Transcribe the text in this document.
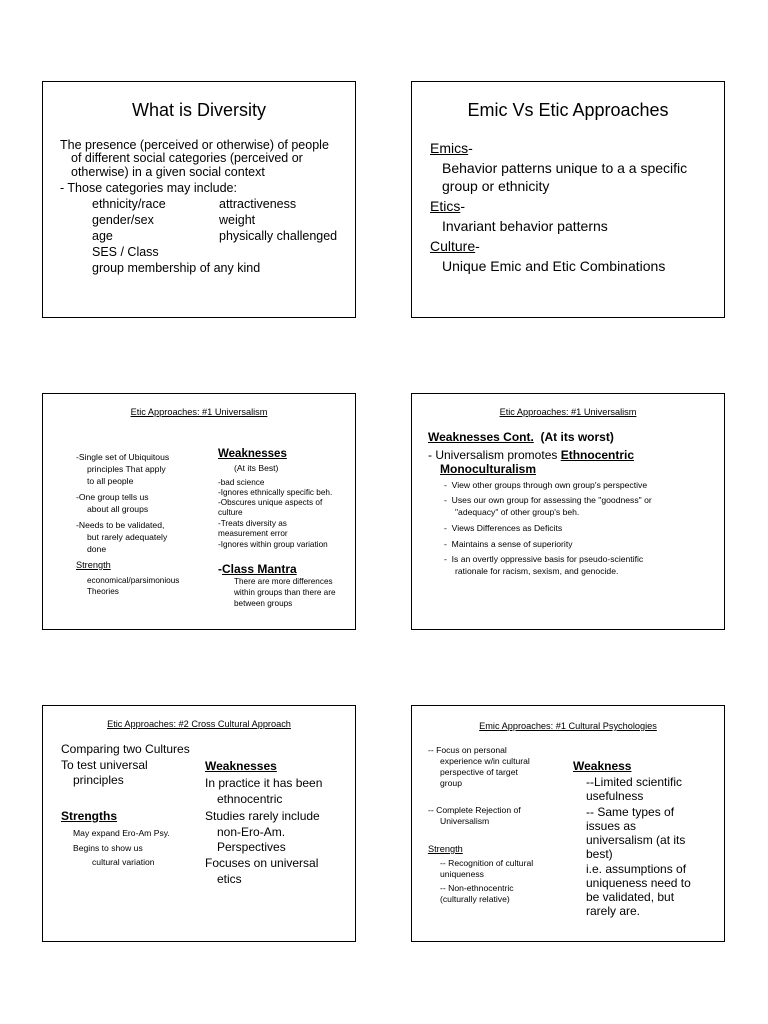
What is Diversity
The presence (perceived or otherwise) of people
of different social categories (perceived or
otherwise) in a given social context
- Those categories may include:
ethnicity/race
gender/sex
age
SES / Class
group membership of any kind
attractiveness
weight
physically challenged
Emic Vs Etic Approaches
Emics-
Behavior patterns unique to a a specific
group or ethnicity
Etics-
Invariant behavior patterns
Culture-
Unique Emic and Etic Combinations
Etic Approaches: #1 Universalism
-Single set of Ubiquitous
principles That apply
to all people
-One group tells us
about all groups
-Needs to be validated,
but rarely adequately
done
Strength
economical/parsimonious
Theories
Weaknesses
(At its Best)
-bad science
-Ignores ethnically specific beh.
-Obscures unique aspects of
culture
-Treats diversity as
measurement error
-Ignores within group variation
-Class Mantra
There are more differences
within groups than there are
between groups
Etic Approaches: #1 Universalism
Weaknesses Cont. (At its worst)
- Universalism promotes Ethnocentric
Monoculturalism
- View other groups through own group's perspective
- Uses our own group for assessing the "goodness" or
"adequacy" of other group's beh.
- Views Differences as Deficits
- Maintains a sense of superiority
- Is an overtly oppressive basis for pseudo-scientific
rationale for racism, sexism, and genocide.
Etic Approaches: #2 Cross Cultural Approach
Comparing two Cultures
To test universal
principles
Strengths
May expand Ero-Am Psy.
Begins to show us
cultural variation
Weaknesses
In practice it has been
ethnocentric
Studies rarely include
non-Ero-Am.
Perspectives
Focuses on universal
etics
Emic Approaches: #1 Cultural Psychologies
-- Focus on personal
experience w/in cultural
perspective of target
group
-- Complete Rejection of
Universalism
Strength
-- Recognition of cultural
uniqueness
-- Non-ethnocentric
(culturally relative)
Weakness
--Limited scientific
usefulness
-- Same types of
issues as
universalism (at its
best)
i.e. assumptions of
uniqueness need to
be validated, but
rarely are.
